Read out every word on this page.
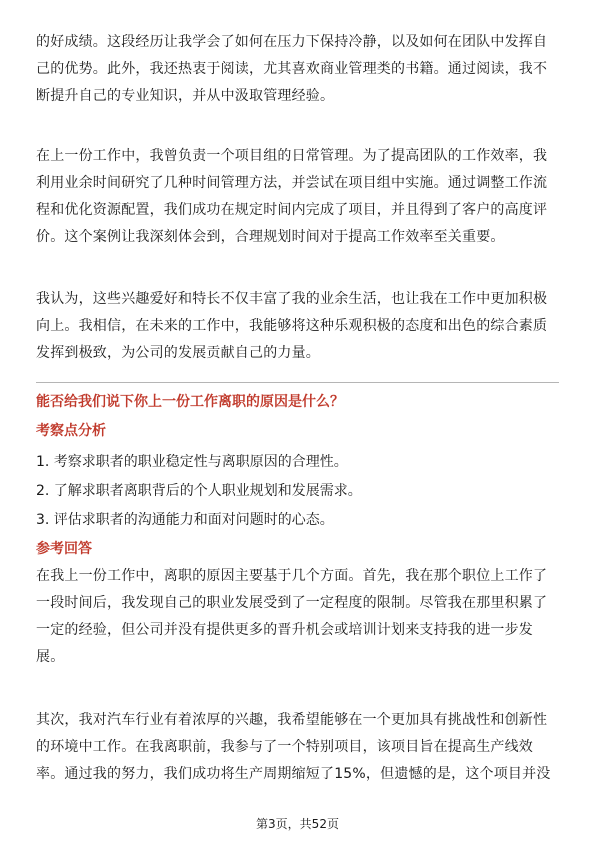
的好成绩。这段经历让我学会了如何在压力下保持冷静，以及如何在团队中发挥自
己的优势。此外，我还热衷于阅读，尤其喜欢商业管理类的书籍。通过阅读，我不
断提升自己的专业知识，并从中汲取管理经验。

在上一份工作中，我曾负责一个项目组的日常管理。为了提高团队的工作效率，我
利用业余时间研究了几种时间管理方法，并尝试在项目组中实施。通过调整工作流
程和优化资源配置，我们成功在规定时间内完成了项目，并且得到了客户的高度评
价。这个案例让我深刻体会到，合理规划时间对于提高工作效率至关重要。

我认为，这些兴趣爱好和特长不仅丰富了我的业余生活，也让我在工作中更加积极
向上。我相信，在未来的工作中，我能够将这种乐观积极的态度和出色的综合素质
发挥到极致，为公司的发展贡献自己的力量。

能否给我们说下你上一份工作离职的原因是什么？

考察点分析

1. 考察求职者的职业稳定性与离职原因的合理性。
2. 了解求职者离职背后的个人职业规划和发展需求。
3. 评估求职者的沟通能力和面对问题时的心态。

参考回答

在我上一份工作中，离职的原因主要基于几个方面。首先，我在那个职位上工作了
一段时间后，我发现自己的职业发展受到了一定程度的限制。尽管我在那里积累了
一定的经验，但公司并没有提供更多的晋升机会或培训计划来支持我的进一步发
展。

其次，我对汽车行业有着浓厚的兴趣，我希望能够在一个更加具有挑战性和创新性
的环境中工作。在我离职前，我参与了一个特别项目，该项目旨在提高生产线效
率。通过我的努力，我们成功将生产周期缩短了15%，但遗憾的是，这个项目并没

第3页，共52页
